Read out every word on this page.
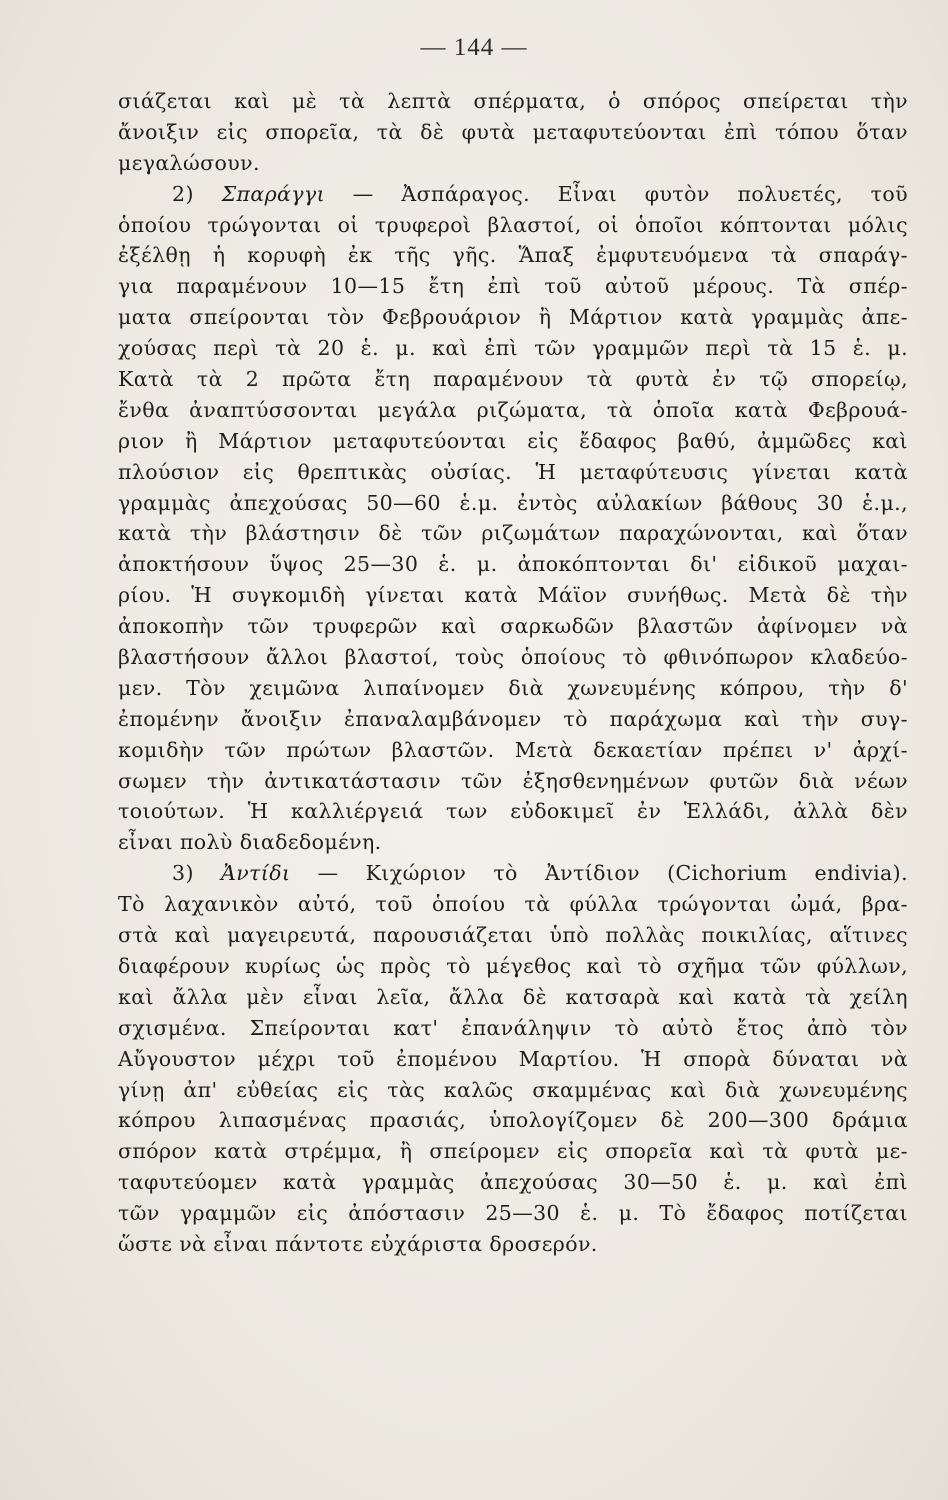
— 144 —
σιάζεται καὶ μὲ τὰ λεπτὰ σπέρματα, ὁ σπόρος σπείρεται τὴν
ἄνοιξιν εἰς σπορεῖα, τὰ δὲ φυτὰ μεταφυτεύονται ἐπὶ τόπου ὅταν
μεγαλώσουν.
2) Σπαράγγι — Ἀσπάραγος. Εἶναι φυτὸν πολυετές, τοῦ
ὁποίου τρώγονται οἱ τρυφεροὶ βλαστοί, οἱ ὁποῖοι κόπτονται μόλις
ἐξέλθῃ ἡ κορυφὴ ἐκ τῆς γῆς. Ἅπαξ ἐμφυτευόμενα τὰ σπαράγ-
για παραμένουν 10—15 ἔτη ἐπὶ τοῦ αὐτοῦ μέρους. Τὰ σπέρ-
ματα σπείρονται τὸν Φεβρουάριον ἢ Μάρτιον κατὰ γραμμὰς ἀπε-
χούσας περὶ τὰ 20 ἑ. μ. καὶ ἐπὶ τῶν γραμμῶν περὶ τὰ 15 ἑ. μ.
Κατὰ τὰ 2 πρῶτα ἔτη παραμένουν τὰ φυτὰ ἐν τῷ σπορείῳ,
ἔνθα ἀναπτύσσονται μεγάλα ριζώματα, τὰ ὁποῖα κατὰ Φεβρουά-
ριον ἢ Μάρτιον μεταφυτεύονται εἰς ἔδαφος βαθύ, ἀμμῶδες καὶ
πλούσιον εἰς θρεπτικὰς οὐσίας. Ἡ μεταφύτευσις γίνεται κατὰ
γραμμὰς ἀπεχούσας 50—60 ἑ.μ. ἐντὸς αὐλακίων βάθους 30 ἑ.μ.,
κατὰ τὴν βλάστησιν δὲ τῶν ριζωμάτων παραχώνονται, καὶ ὅταν
ἀποκτήσουν ὕψος 25—30 ἑ. μ. ἀποκόπτονται δι' εἰδικοῦ μαχαι-
ρίου. Ἡ συγκομιδὴ γίνεται κατὰ Μάϊον συνήθως. Μετὰ δὲ τὴν
ἀποκοπὴν τῶν τρυφερῶν καὶ σαρκωδῶν βλαστῶν ἀφίνομεν νὰ
βλαστήσουν ἄλλοι βλαστοί, τοὺς ὁποίους τὸ φθινόπωρον κλαδεύο-
μεν. Τὸν χειμῶνα λιπαίνομεν διὰ χωνευμένης κόπρου, τὴν δ'
ἐπομένην ἄνοιξιν ἐπαναλαμβάνομεν τὸ παράχωμα καὶ τὴν συγ-
κομιδὴν τῶν πρώτων βλαστῶν. Μετὰ δεκαετίαν πρέπει ν' ἀρχί-
σωμεν τὴν ἀντικατάστασιν τῶν ἐξησθενημένων φυτῶν διὰ νέων
τοιούτων. Ἡ καλλιέργειά των εὐδοκιμεῖ ἐν Ἑλλάδι, ἀλλὰ δὲν
εἶναι πολὺ διαδεδομένη.
3) Ἀντίδι — Κιχώριον τὸ Ἀντίδιον (Cichorium endivia).
Τὸ λαχανικὸν αὐτό, τοῦ ὁποίου τὰ φύλλα τρώγονται ὠμά, βρα-
στὰ καὶ μαγειρευτά, παρουσιάζεται ὑπὸ πολλὰς ποικιλίας, αἵτινες
διαφέρουν κυρίως ὡς πρὸς τὸ μέγεθος καὶ τὸ σχῆμα τῶν φύλλων,
καὶ ἄλλα μὲν εἶναι λεῖα, ἄλλα δὲ κατσαρὰ καὶ κατὰ τὰ χείλη
σχισμένα. Σπείρονται κατ' ἐπανάληψιν τὸ αὐτὸ ἔτος ἀπὸ τὸν
Αὔγουστον μέχρι τοῦ ἐπομένου Μαρτίου. Ἡ σπορὰ δύναται νὰ
γίνῃ ἀπ' εὐθείας εἰς τὰς καλῶς σκαμμένας καὶ διὰ χωνευμένης
κόπρου λιπασμένας πρασιάς, ὑπολογίζομεν δὲ 200—300 δράμια
σπόρον κατὰ στρέμμα, ἢ σπείρομεν εἰς σπορεῖα καὶ τὰ φυτὰ με-
ταφυτεύομεν κατὰ γραμμὰς ἀπεχούσας 30—50 ἑ. μ. καὶ ἐπὶ
τῶν γραμμῶν εἰς ἀπόστασιν 25—30 ἑ. μ. Τὸ ἔδαφος ποτίζεται
ὥστε νὰ εἶναι πάντοτε εὐχάριστα δροσερόν.
